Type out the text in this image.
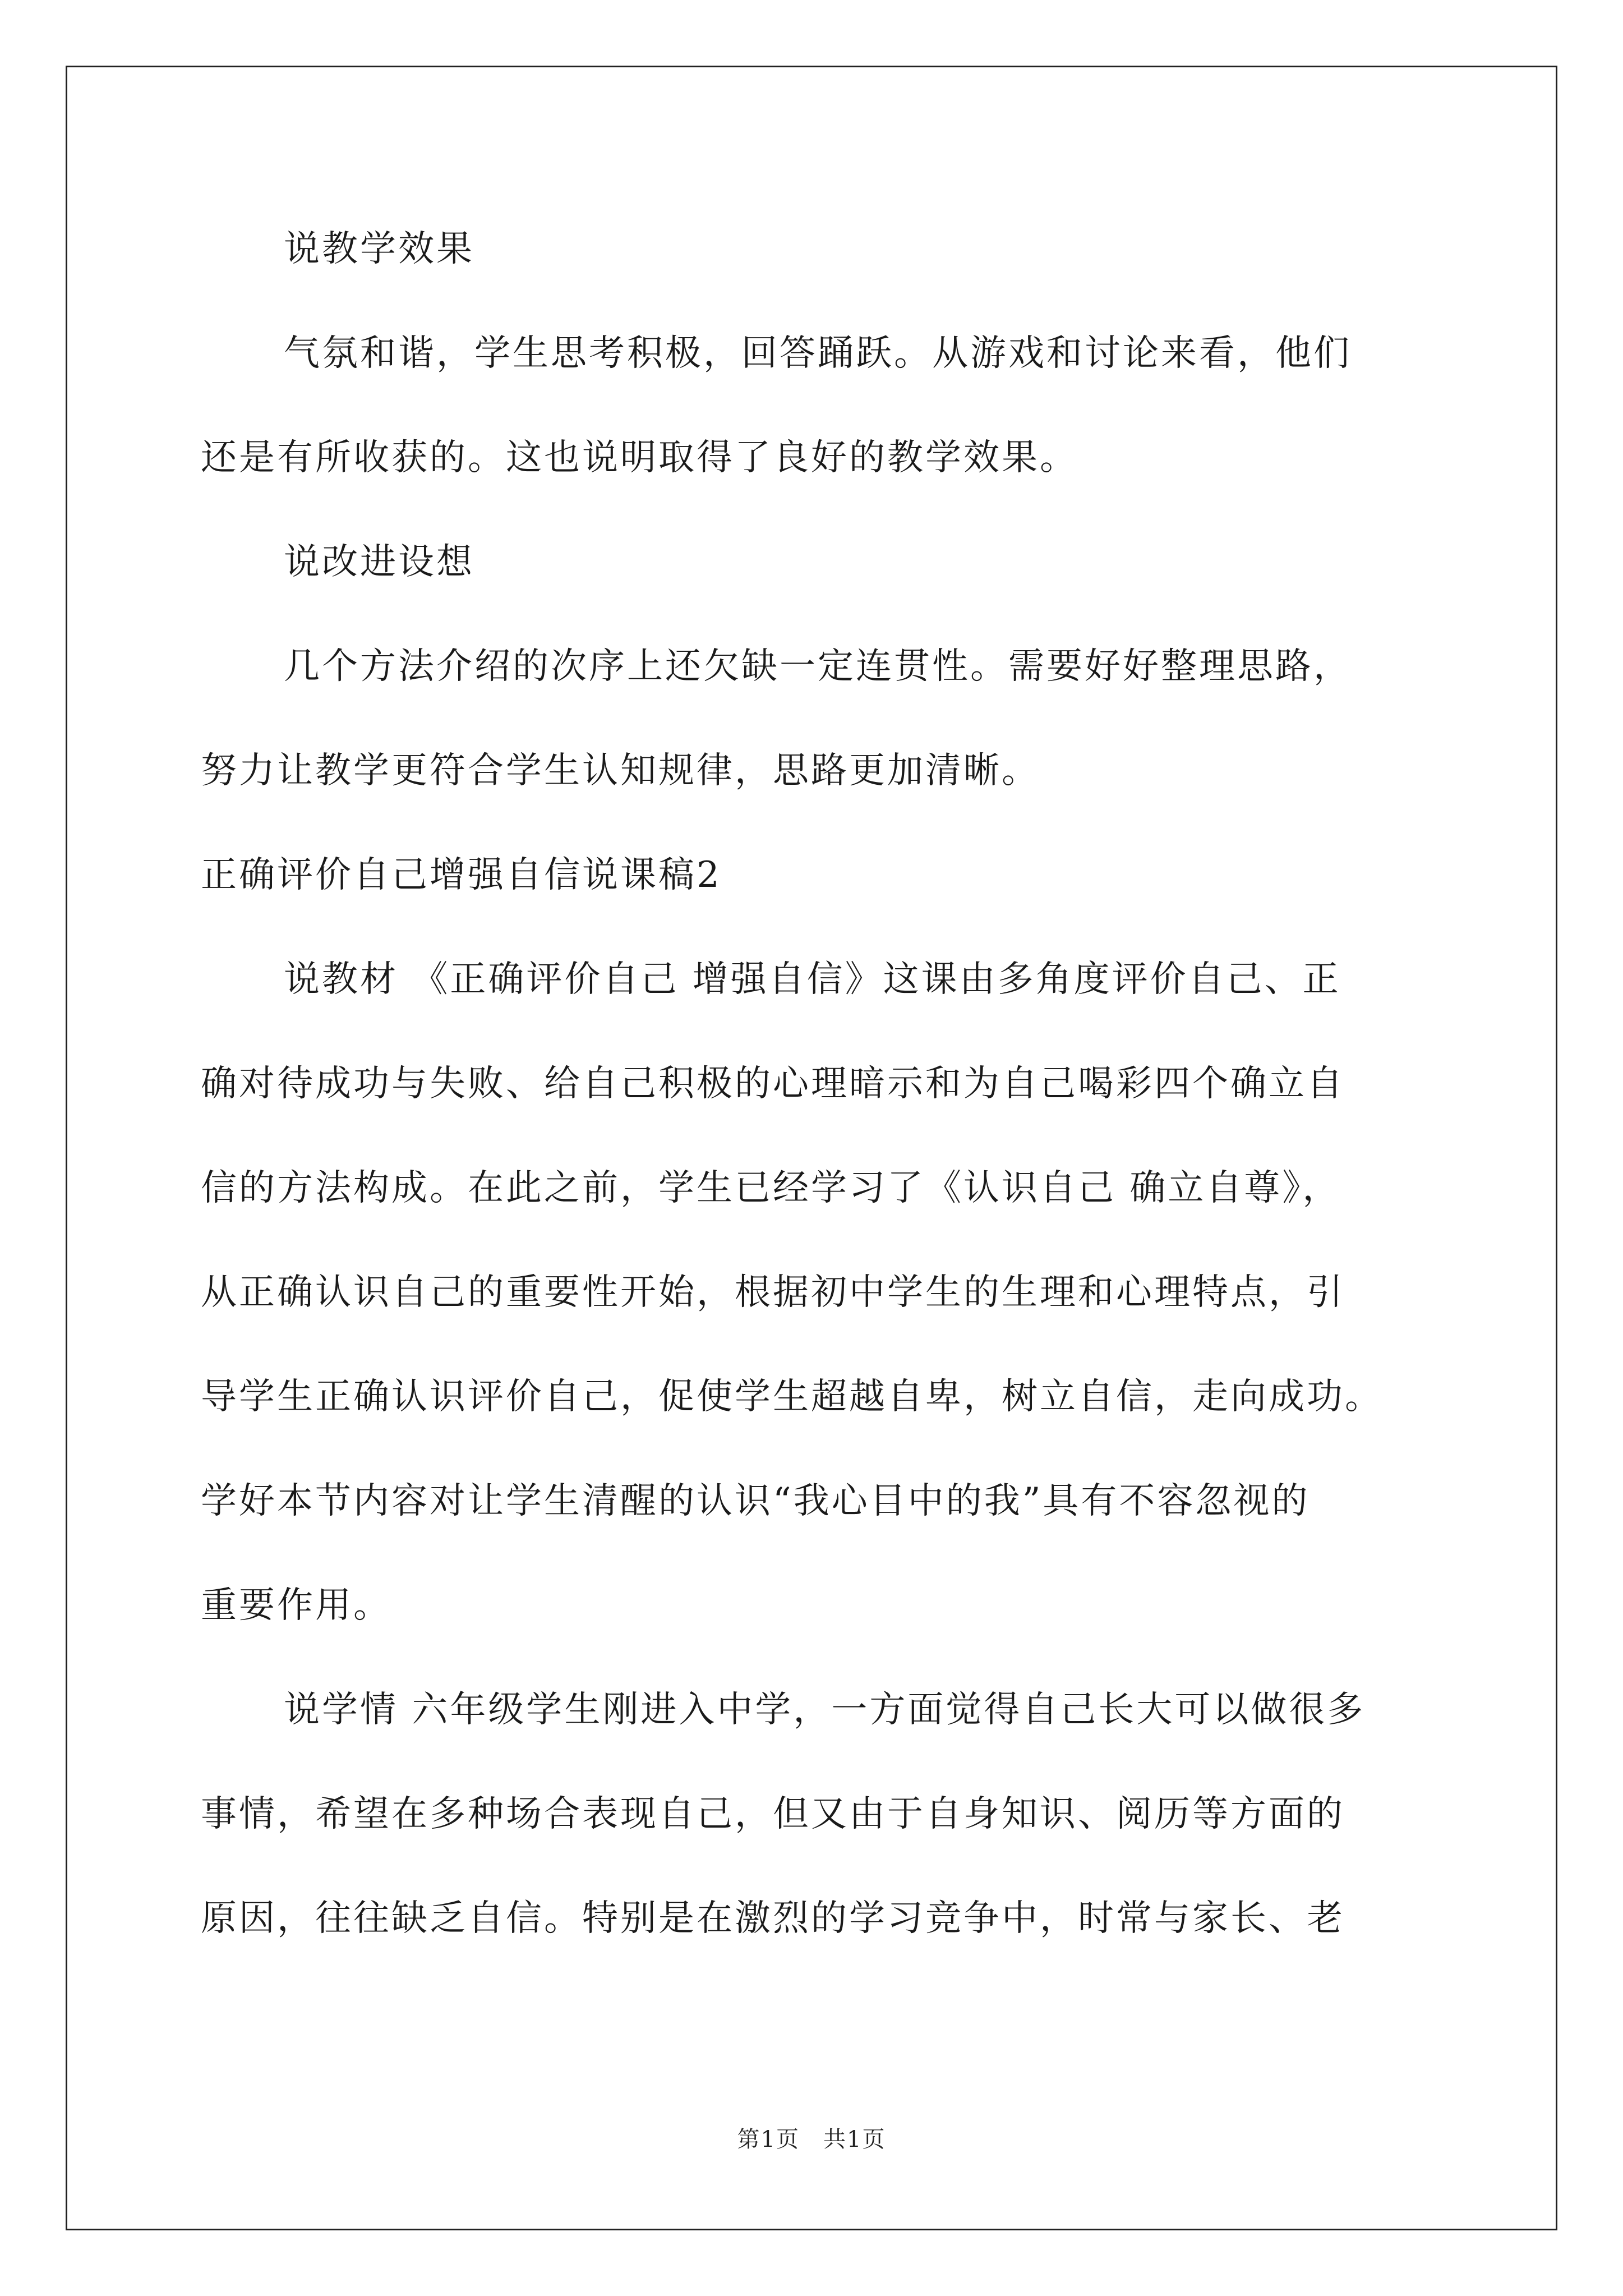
说教学效果

气氛和谐，学生思考积极，回答踊跃。从游戏和讨论来看，他们

还是有所收获的。这也说明取得了良好的教学效果。

说改进设想

几个方法介绍的次序上还欠缺一定连贯性。需要好好整理思路，

努力让教学更符合学生认知规律，思路更加清晰。

正确评价自己增强自信说课稿2

说教材 《正确评价自己 增强自信》这课由多角度评价自己、正

确对待成功与失败、给自己积极的心理暗示和为自己喝彩四个确立自

信的方法构成。在此之前，学生已经学习了《认识自己 确立自尊》，

从正确认识自己的重要性开始，根据初中学生的生理和心理特点，引

导学生正确认识评价自己，促使学生超越自卑，树立自信，走向成功。

学好本节内容对让学生清醒的认识“我心目中的我”具有不容忽视的

重要作用。

说学情 六年级学生刚进入中学，一方面觉得自己长大可以做很多

事情，希望在多种场合表现自己，但又由于自身知识、阅历等方面的

原因，往往缺乏自信。特别是在激烈的学习竞争中，时常与家长、老

第1页　共1页
